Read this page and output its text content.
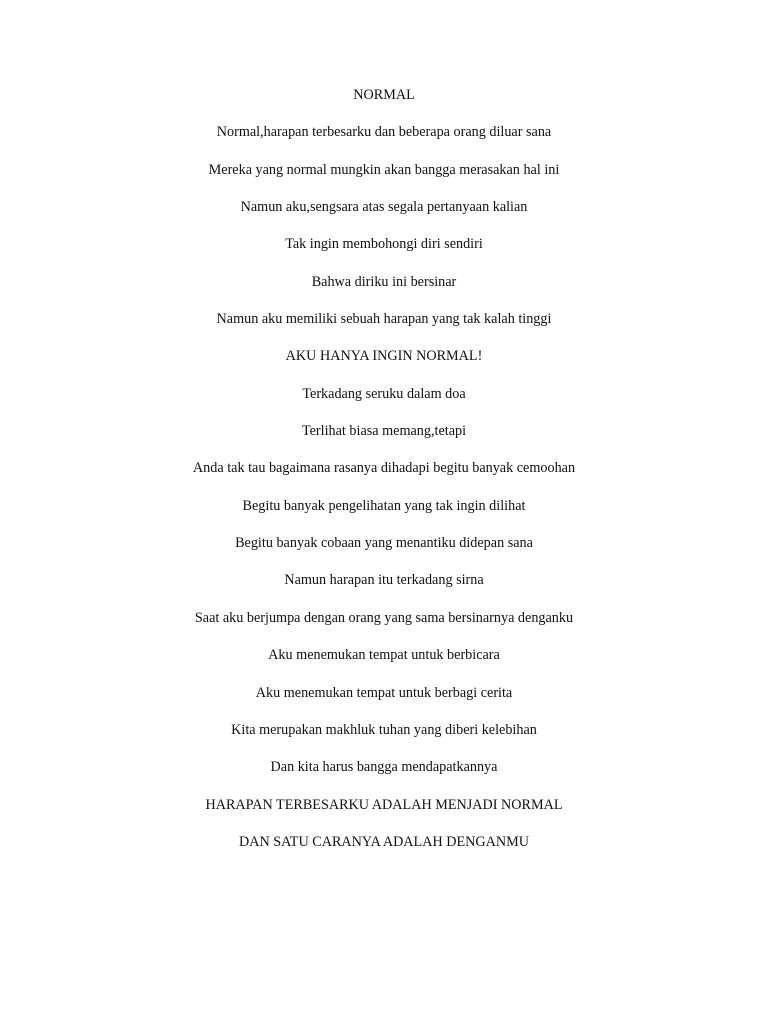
NORMAL
Normal,harapan terbesarku dan beberapa orang diluar sana
Mereka yang normal mungkin akan bangga merasakan hal ini
Namun aku,sengsara atas segala pertanyaan kalian
Tak ingin membohongi diri sendiri
Bahwa diriku ini bersinar
Namun aku memiliki sebuah harapan yang tak kalah tinggi
AKU HANYA INGIN NORMAL!
Terkadang seruku dalam doa
Terlihat biasa memang,tetapi
Anda tak tau bagaimana rasanya dihadapi begitu banyak cemoohan
Begitu banyak pengelihatan yang tak ingin dilihat
Begitu banyak cobaan yang menantiku didepan sana
Namun harapan itu terkadang sirna
Saat aku berjumpa dengan orang yang sama bersinarnya denganku
Aku menemukan tempat untuk berbicara
Aku menemukan tempat untuk berbagi cerita
Kita merupakan makhluk tuhan yang diberi kelebihan
Dan kita harus bangga mendapatkannya
HARAPAN TERBESARKU ADALAH MENJADI NORMAL
DAN SATU CARANYA ADALAH DENGANMU
